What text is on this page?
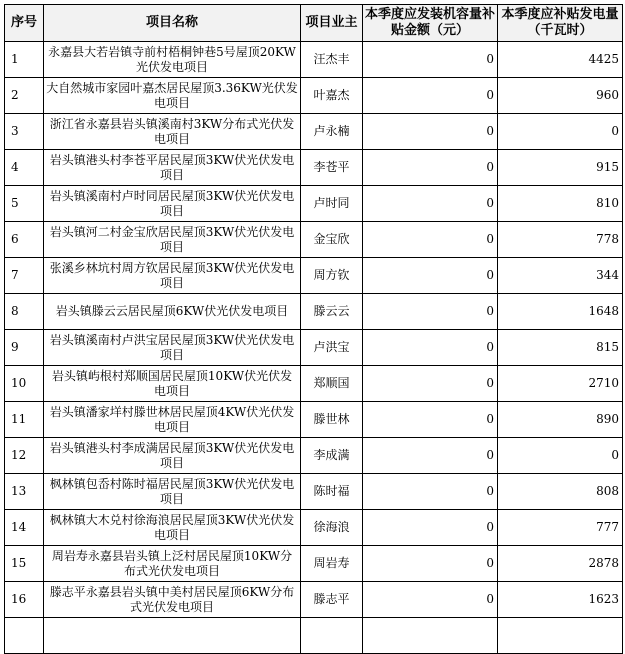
序号	项目名称	项目业主	本季度应发装机容量补贴金额（元）	本季度应补贴发电量（千瓦时）
1	永嘉县大若岩镇寺前村梧桐钟巷5号屋顶20KW光伏发电项目	汪杰丰	0	4425
2	大自然城市家园叶嘉杰居民屋顶3.36KW光伏发电项目	叶嘉杰	0	960
3	浙江省永嘉县岩头镇溪南村3KW分布式光伏发电项目	卢永楠	0	0
4	岩头镇港头村李苍平居民屋顶3KW伏光伏发电项目	李苍平	0	915
5	岩头镇溪南村卢时同居民屋顶3KW伏光伏发电项目	卢时同	0	810
6	岩头镇河二村金宝欣居民屋顶3KW伏光伏发电项目	金宝欣	0	778
7	张溪乡林坑村周方钦居民屋顶3KW伏光伏发电项目	周方钦	0	344
8	岩头镇滕云云居民屋顶6KW伏光伏发电项目	滕云云	0	1648
9	岩头镇溪南村卢洪宝居民屋顶3KW伏光伏发电项目	卢洪宝	0	815
10	岩头镇屿根村郑顺国居民屋顶10KW伏光伏发电项目	郑顺国	0	2710
11	岩头镇潘家垟村滕世林居民屋顶4KW伏光伏发电项目	滕世林	0	890
12	岩头镇港头村李成满居民屋顶3KW伏光伏发电项目	李成满	0	0
13	枫林镇包岙村陈时福居民屋顶3KW伏光伏发电项目	陈时福	0	808
14	枫林镇大木兑村徐海浪居民屋顶3KW伏光伏发电项目	徐海浪	0	777
15	周岩寿永嘉县岩头镇上泛村居民屋顶10KW分布式光伏发电项目	周岩寿	0	2878
16	滕志平永嘉县岩头镇中美村居民屋顶6KW分布式光伏发电项目	滕志平	0	1623
